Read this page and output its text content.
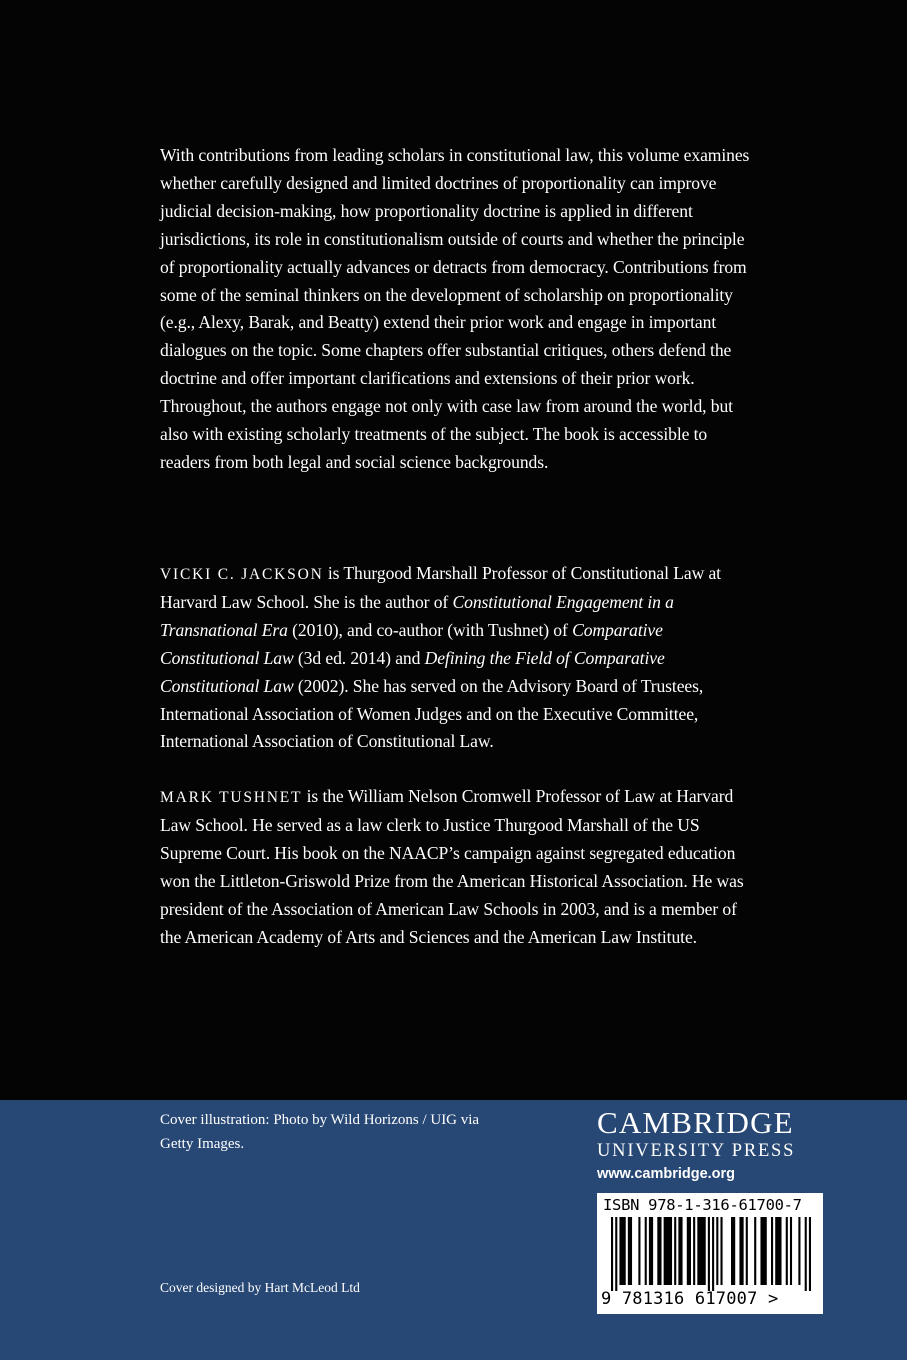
With contributions from leading scholars in constitutional law, this volume examines whether carefully designed and limited doctrines of proportionality can improve judicial decision-making, how proportionality doctrine is applied in different jurisdictions, its role in constitutionalism outside of courts and whether the principle of proportionality actually advances or detracts from democracy. Contributions from some of the seminal thinkers on the development of scholarship on proportionality (e.g., Alexy, Barak, and Beatty) extend their prior work and engage in important dialogues on the topic. Some chapters offer substantial critiques, others defend the doctrine and offer important clarifications and extensions of their prior work. Throughout, the authors engage not only with case law from around the world, but also with existing scholarly treatments of the subject. The book is accessible to readers from both legal and social science backgrounds.

VICKI C. JACKSON is Thurgood Marshall Professor of Constitutional Law at Harvard Law School. She is the author of Constitutional Engagement in a Transnational Era (2010), and co-author (with Tushnet) of Comparative Constitutional Law (3d ed. 2014) and Defining the Field of Comparative Constitutional Law (2002). She has served on the Advisory Board of Trustees, International Association of Women Judges and on the Executive Committee, International Association of Constitutional Law.

MARK TUSHNET is the William Nelson Cromwell Professor of Law at Harvard Law School. He served as a law clerk to Justice Thurgood Marshall of the US Supreme Court. His book on the NAACP’s campaign against segregated education won the Littleton-Griswold Prize from the American Historical Association. He was president of the Association of American Law Schools in 2003, and is a member of the American Academy of Arts and Sciences and the American Law Institute.

Cover illustration: Photo by Wild Horizons / UIG via Getty Images.

Cover designed by Hart McLeod Ltd

CAMBRIDGE
UNIVERSITY PRESS
www.cambridge.org
ISBN 978-1-316-61700-7
9 781316 617007 >
